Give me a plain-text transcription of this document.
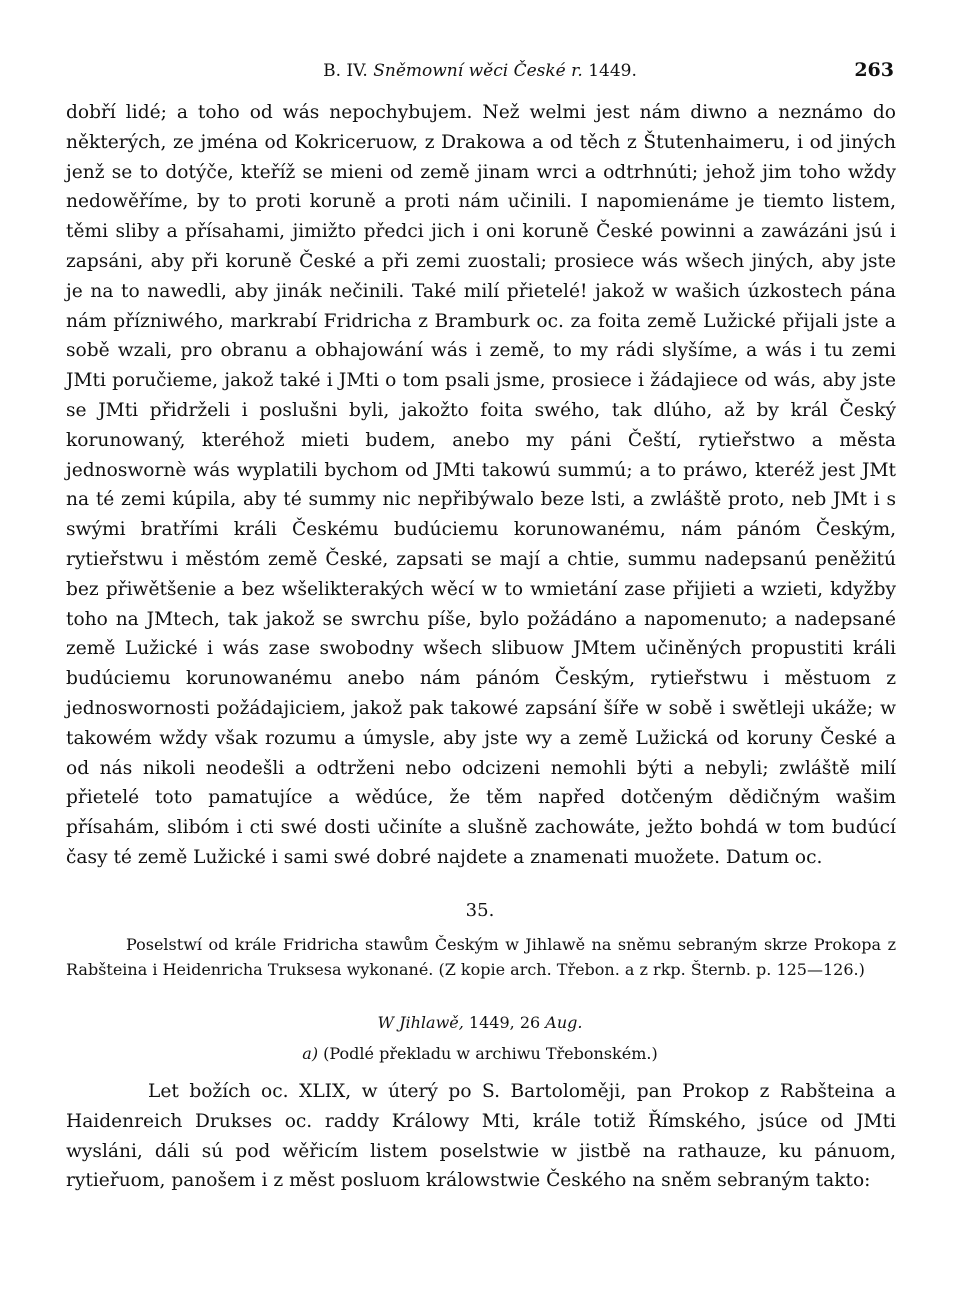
B. IV. Sněmowní wěci České r. 1449.	263

dobří lidé; a toho od wás nepochybujem. Než welmi jest nám diwno a neznámo do některých, ze jména od Kokriceruow, z Drakowa a od těch z Štutenhaimeru, i od jiných jenž se to dotýče, kteříž se mieni od země jinam wrci a odtrhnúti; jehož jim toho wždy nedowěříme, by to proti koruně a proti nám učinili. I napomienáme je tiemto listem, těmi sliby a přísahami, jimižto předci jich i oni koruně České powinni a zawázáni jsú i zapsáni, aby při koruně České a při zemi zuostali; prosiece wás wšech jiných, aby jste je na to nawedli, aby jinák nečinili. Také milí přietelé! jakož w wašich úzkostech pána nám přízniwého, markrabí Fridricha z Bramburk oc. za foita země Lužické přijali jste a sobě wzali, pro obranu a obhajowání wás i země, to my rádi slyšíme, a wás i tu zemi JMti poručieme, jakož také i JMti o tom psali jsme, prosiece i žádajiece od wás, aby jste se JMti přidrželi i poslušni byli, jakožto foita swého, tak dlúho, až by král Český korunowaný, kteréhož mieti budem, anebo my páni Čeští, rytieřstwo a města jednoswornè wás wyplatili bychom od JMti takowú summú; a to práwo, kteréž jest JMt na té zemi kúpila, aby té summy nic nepřibýwalo beze lsti, a zwláště proto, neb JMt i s swými bratřími králi Českému budúciemu korunowanému, nám pánóm Českým, rytieřstwu i městóm země České, zapsati se mají a chtie, summu nadepsanú peněžitú bez přiwětšenie a bez wšelikterakých wěcí w to wmietání zase přijieti a wzieti, kdyžby toho na JMtech, tak jakož se swrchu píše, bylo požádáno a napomenuto; a nadepsané země Lužické i wás zase swobodny wšech slibuow JMtem učiněných propustiti králi budúciemu korunowanému anebo nám pánóm Českým, rytieřstwu i městuom z jednoswornosti požádajiciem, jakož pak takowé zapsání šíře w sobě i swětleji ukáže; w takowém wždy však rozumu a úmysle, aby jste wy a země Lužická od koruny České a od nás nikoli neodešli a odtrženi nebo odcizeni nemohli býti a nebyli; zwláště milí přietelé toto pamatujíce a wědúce, že těm napřed dotčeným dědičným wašim přísahám, slibóm i cti swé dosti učiníte a slušně zachowáte, ježto bohdá w tom budúcí časy té země Lužické i sami swé dobré najdete a znamenati muožete. Datum oc.

35.

Poselstwí od krále Fridricha stawům Českým w Jihlawě na sněmu sebraným skrze Prokopa z Rabšteina i Heidenricha Truksesa wykonané. (Z kopie arch. Třebon. a z rkp. Šternb. p. 125—126.)

W Jihlawě, 1449, 26 Aug.
a) (Podlé překladu w archiwu Třebonském.)

Let božích oc. XLIX, w úterý po S. Bartoloměji, pan Prokop z Rabšteina a Haidenreich Drukses oc. raddy Králowy Mti, krále totiž Římského, jsúce od JMti wysláni, dáli sú pod wěřicím listem poselstwie w jistbě na rathauze, ku pánuom, rytieřuom, panošem i z měst posluom králowstwie Českého na sněm sebraným takto:
